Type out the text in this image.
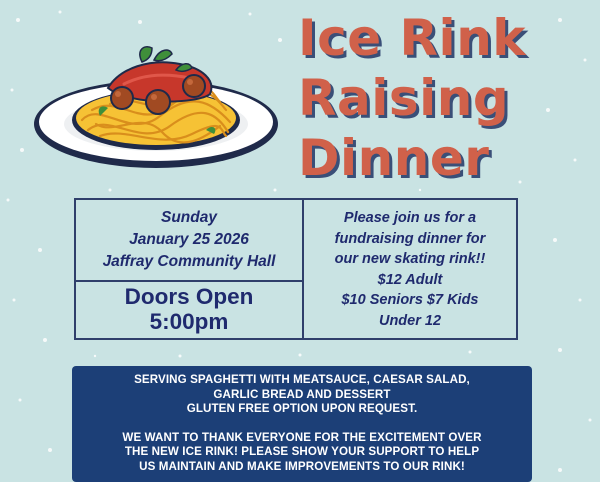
Ice Rink
Raising
Dinner
Sunday
January 25 2026
Jaffray Community Hall
Doors Open
5:00pm
Please join us for a
fundraising dinner for
our new skating rink!!
$12 Adult
$10 Seniors $7 Kids
Under 12
SERVING SPAGHETTI WITH MEATSAUCE, CAESAR SALAD,
GARLIC BREAD AND DESSERT
GLUTEN FREE OPTION UPON REQUEST.
WE WANT TO THANK EVERYONE FOR THE EXCITEMENT OVER
THE NEW ICE RINK! PLEASE SHOW YOUR SUPPORT TO HELP
US MAINTAIN AND MAKE IMPROVEMENTS TO OUR RINK!
